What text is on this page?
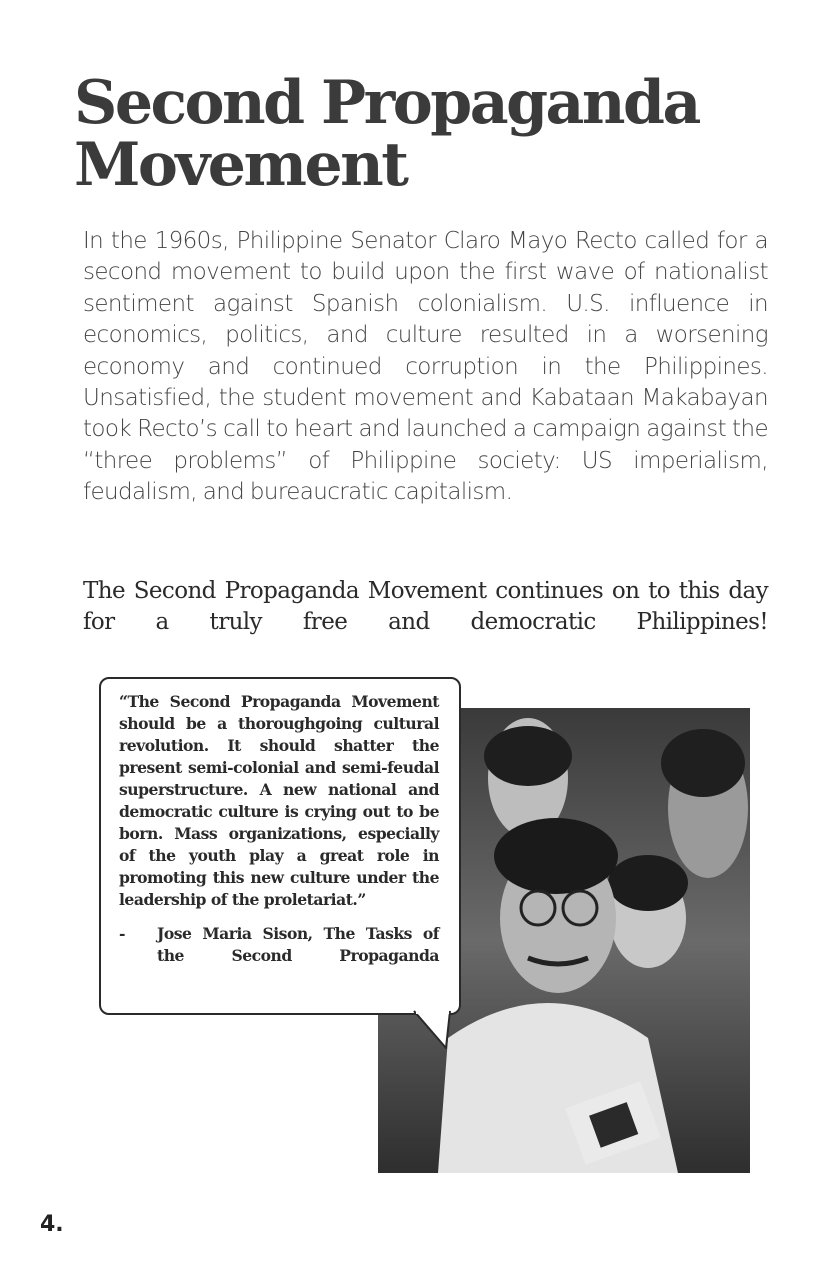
Second Propaganda Movement

In the 1960s, Philippine Senator Claro Mayo Recto called for a second movement to build upon the first wave of nationalist sentiment against Spanish colonialism. U.S. influence in economics, politics, and culture resulted in a worsening economy and continued corruption in the Philippines. Unsatisfied, the student movement and Kabataan Makabayan took Recto’s call to heart and launched a campaign against the “three problems” of Philippine society: US imperialism, feudalism, and bureaucratic capitalism.

The Second Propaganda Movement continues on to this day for a truly free and democratic Philippines!

“The Second Propaganda Movement should be a thoroughgoing cultural revolution. It should shatter the present semi-colonial and semi-feudal superstructure. A new national and democratic culture is crying out to be born. Mass organizations, especially of the youth play a great role in promoting this new culture under the leadership of the proletariat.”

-	Jose Maria Sison, The Tasks of the Second Propaganda

4.
